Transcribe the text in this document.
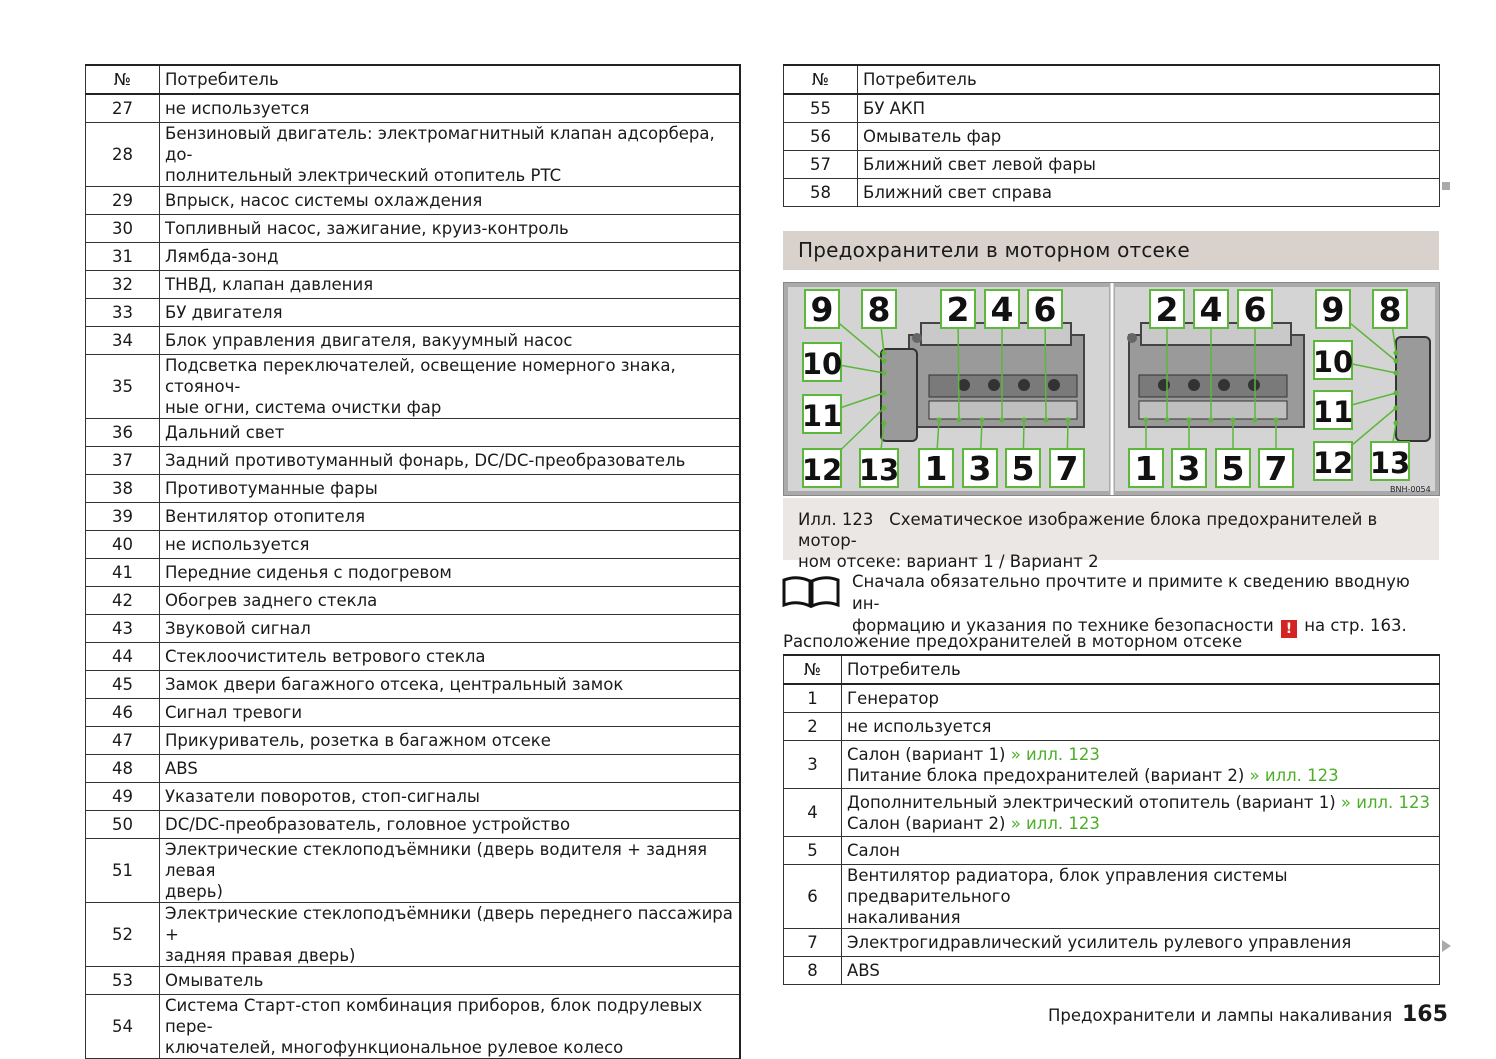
№	Потребитель
27	не используется
28	Бензиновый двигатель: электромагнитный клапан адсорбера, до-
полнительный электрический отопитель PTC
29	Впрыск, насос системы охлаждения
30	Топливный насос, зажигание, круиз-контроль
31	Лямбда-зонд
32	ТНВД, клапан давления
33	БУ двигателя
34	Блок управления двигателя, вакуумный насос
35	Подсветка переключателей, освещение номерного знака, стояноч-
ные огни, система очистки фар
36	Дальний свет
37	Задний противотуманный фонарь, DC/DC-преобразователь
38	Противотуманные фары
39	Вентилятор отопителя
40	не используется
41	Передние сиденья с подогревом
42	Обогрев заднего стекла
43	Звуковой сигнал
44	Стеклоочиститель ветрового стекла
45	Замок двери багажного отсека, центральный замок
46	Сигнал тревоги
47	Прикуриватель, розетка в багажном отсеке
48	ABS
49	Указатели поворотов, стоп-сигналы
50	DC/DC-преобразователь, головное устройство
51	Электрические стеклоподъёмники (дверь водителя + задняя левая
дверь)
52	Электрические стеклоподъёмники (дверь переднего пассажира +
задняя правая дверь)
53	Омыватель
54	Система Старт-стоп комбинация приборов, блок подрулевых пере-
ключателей, многофункциональное рулевое колесо
№	Потребитель
55	БУ АКП
56	Омыватель фар
57	Ближний свет левой фары
58	Ближний свет справа
Предохранители в моторном отсеке
9 8 2 4 6
10
11
12 13 1 3 5 7
2 4 6 9 8
10
11
12 13
1 3 5 7
BNH-0054
Илл. 123 Схематическое изображение блока предохранителей в мотор-
ном отсеке: вариант 1 / Вариант 2
Сначала обязательно прочтите и примите к сведению вводную ин-
формацию и указания по технике безопасности ! на стр. 163.
Расположение предохранителей в моторном отсеке
№	Потребитель
1	Генератор
2	не используется
3	Салон (вариант 1) » илл. 123
Питание блока предохранителей (вариант 2) » илл. 123
4	Дополнительный электрический отопитель (вариант 1) » илл. 123
Салон (вариант 2) » илл. 123
5	Салон
6	Вентилятор радиатора, блок управления системы предварительного
накаливания
7	Электрогидравлический усилитель рулевого управления
8	ABS
Предохранители и лампы накаливания 165
